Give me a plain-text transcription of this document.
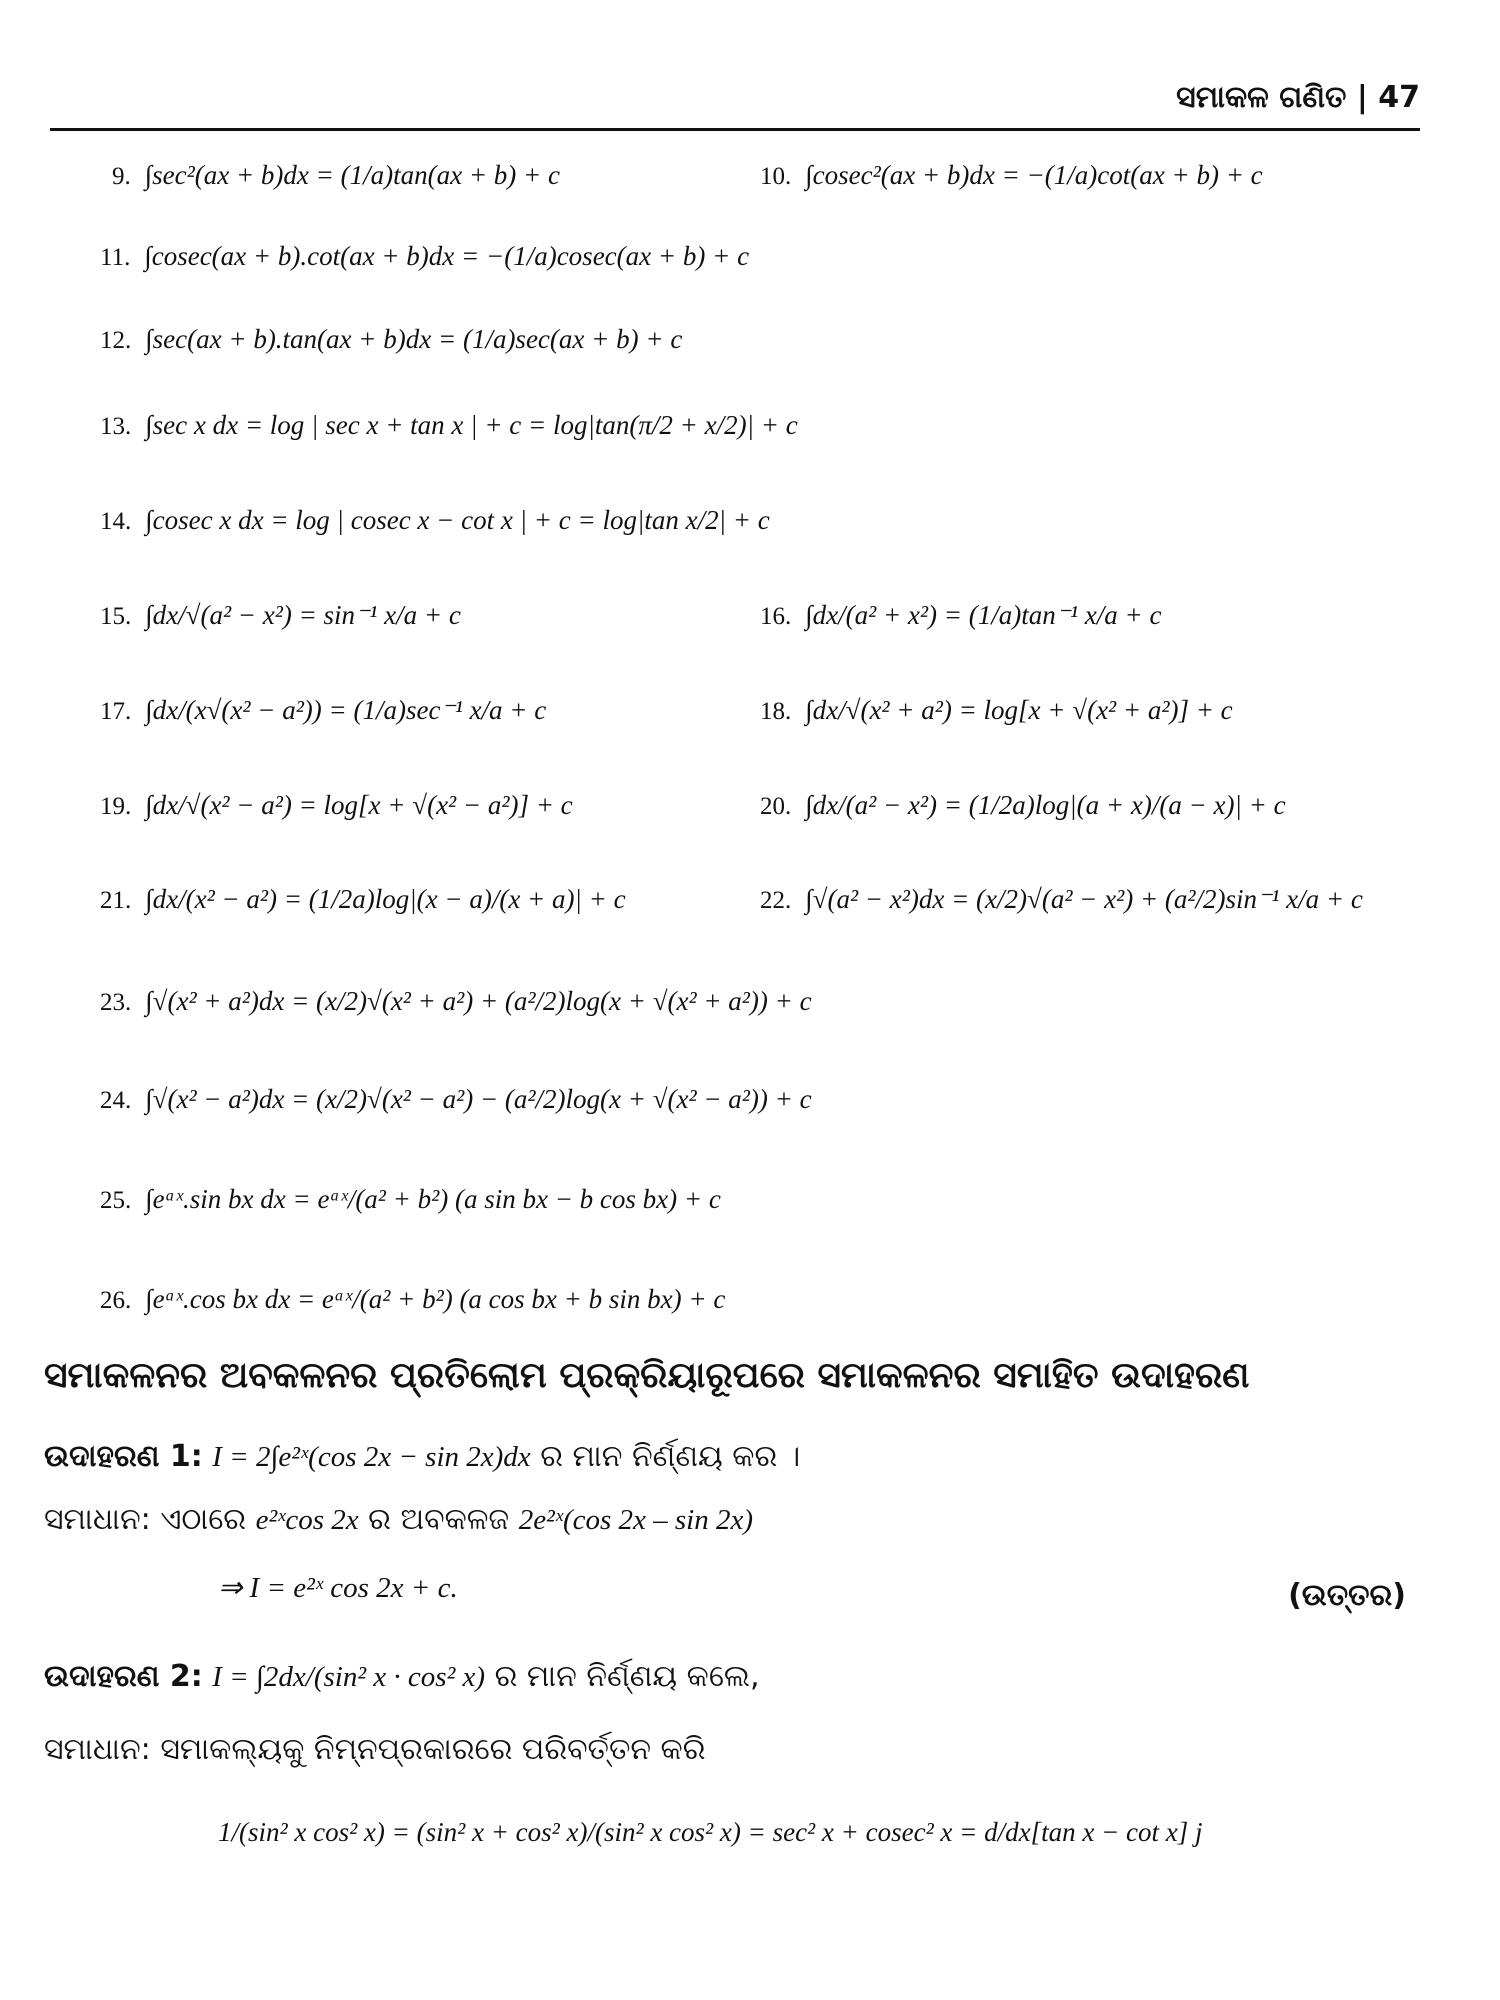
ସମାକଳ ଗଣିତ | 47
9. ∫sec²(ax + b)dx = (1/a)tan(ax + b) + c	10. ∫cosec²(ax + b)dx = −(1/a)cot(ax + b) + c
11. ∫cosec(ax + b).cot(ax + b)dx = −(1/a)cosec(ax + b) + c
12. ∫sec(ax + b).tan(ax + b)dx = (1/a)sec(ax + b) + c
13. ∫sec x dx = log | sec x + tan x | + c = log|tan(π/2 + x/2)| + c
14. ∫cosec x dx = log | cosec x − cot x | + c = log|tan x/2| + c
15. ∫dx/√(a² − x²) = sin⁻¹ x/a + c	16. ∫dx/(a² + x²) = (1/a)tan⁻¹ x/a + c
17. ∫dx/(x√(x² − a²)) = (1/a)sec⁻¹ x/a + c	18. ∫dx/√(x² + a²) = log[x + √(x² + a²)] + c
19. ∫dx/√(x² − a²) = log[x + √(x² − a²)] + c	20. ∫dx/(a² − x²) = (1/2a)log|(a + x)/(a − x)| + c
21. ∫dx/(x² − a²) = (1/2a)log|(x − a)/(x + a)| + c	22. ∫√(a² − x²)dx = (x/2)√(a² − x²) + (a²/2)sin⁻¹ x/a + c
23. ∫√(x² + a²)dx = (x/2)√(x² + a²) + (a²/2)log(x + √(x² + a²)) + c
24. ∫√(x² − a²)dx = (x/2)√(x² − a²) − (a²/2)log(x + √(x² − a²)) + c
25. ∫eᵃˣ.sin bx dx = eᵃˣ/(a² + b²) (a sin bx − b cos bx) + c
26. ∫eᵃˣ.cos bx dx = eᵃˣ/(a² + b²) (a cos bx + b sin bx) + c
ସମାକଳନର ଅବକଳନର ପ୍ରତିଲୋମ ପ୍ରକ୍ରିୟାରୂପରେ ସମାକଳନର ସମାହିତ ଉଦାହରଣ
ଉଦାହରଣ 1: I = 2∫e²ˣ(cos 2x − sin 2x)dx ର ମାନ ନିର୍ଣ୍ଣୟ କର ।
ସମାଧାନ: ଏଠାରେ e²ˣcos 2x ର ଅବକଳଜ 2e²ˣ(cos 2x – sin 2x)
⇒ I = e²ˣ cos 2x + c.	(ଉତ୍ତର)
ଉଦାହରଣ 2: I = ∫2dx/(sin² x · cos² x) ର ମାନ ନିର୍ଣ୍ଣୟ କଲେ,
ସମାଧାନ: ସମାକଲ୍ୟକୁ ନିମ୍ନପ୍ରକାରରେ ପରିବର୍ତ୍ତନ କରି
1/(sin² x cos² x) = (sin² x + cos² x)/(sin² x cos² x) = sec² x + cosec² x = d/dx[tan x − cot x] j
